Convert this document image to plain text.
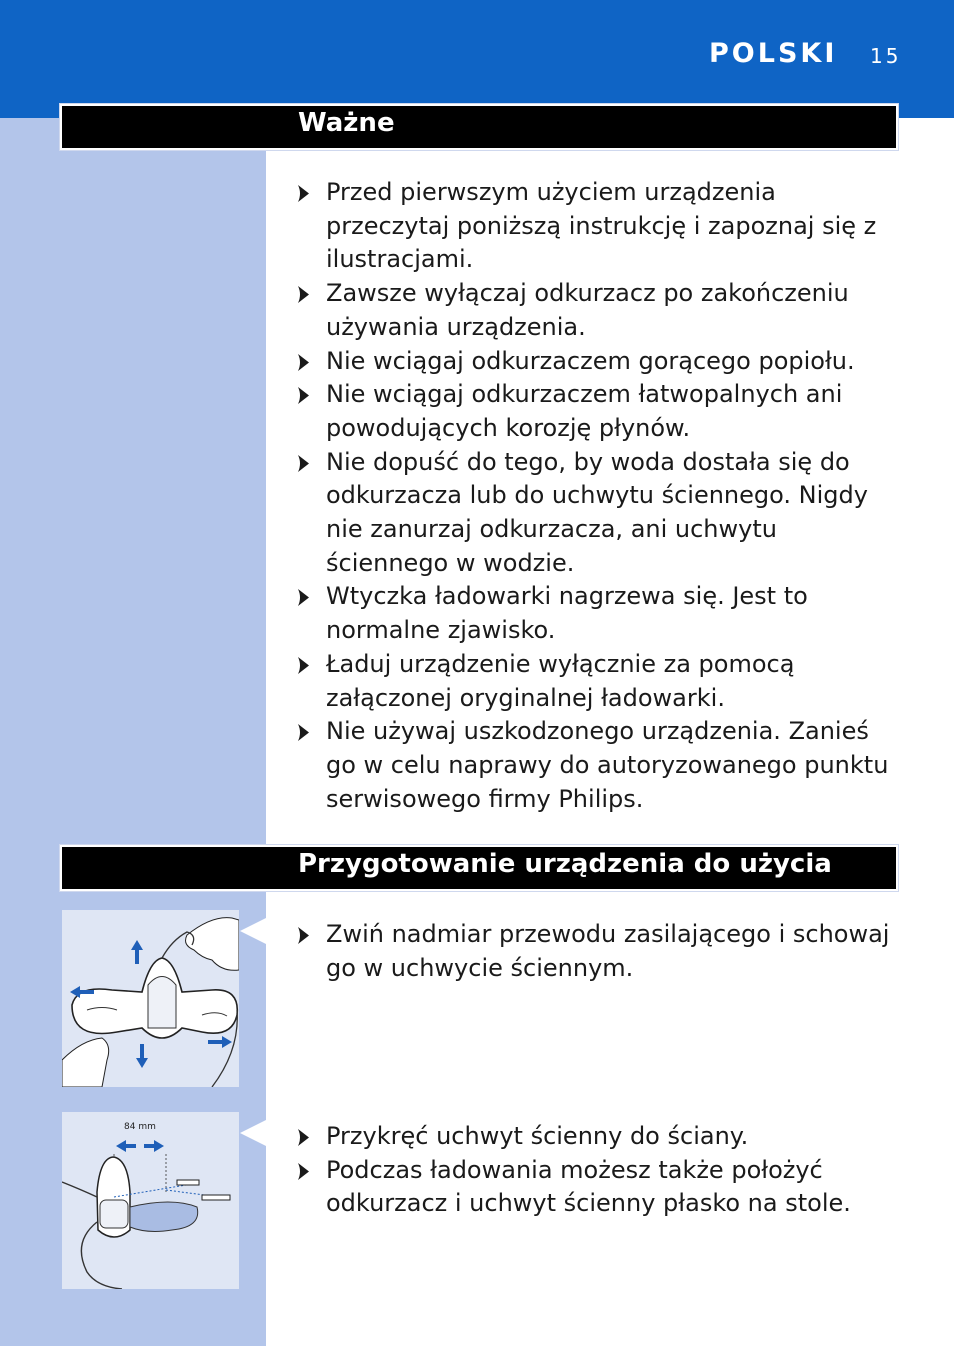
POLSKI 15
Ważne
Przed pierwszym użyciem urządzenia przeczytaj poniższą instrukcję i zapoznaj się z ilustracjami.
Zawsze wyłączaj odkurzacz po zakończeniu używania urządzenia.
Nie wciągaj odkurzaczem gorącego popiołu.
Nie wciągaj odkurzaczem łatwopalnych ani powodujących korozję płynów.
Nie dopuść do tego, by woda dostała się do odkurzacza lub do uchwytu ściennego. Nigdy nie zanurzaj odkurzacza, ani uchwytu ściennego w wodzie.
Wtyczka ładowarki nagrzewa się. Jest to normalne zjawisko.
Ładuj urządzenie wyłącznie za pomocą załączonej oryginalnej ładowarki.
Nie używaj uszkodzonego urządzenia. Zanieś go w celu naprawy do autoryzowanego punktu serwisowego firmy Philips.
Przygotowanie urządzenia do użycia
Zwiń nadmiar przewodu zasilającego i schowaj go w uchwycie ściennym.
84 mm	Przykręć uchwyt ścienny do ściany.
Podczas ładowania możesz także położyć odkurzacz i uchwyt ścienny płasko na stole.
